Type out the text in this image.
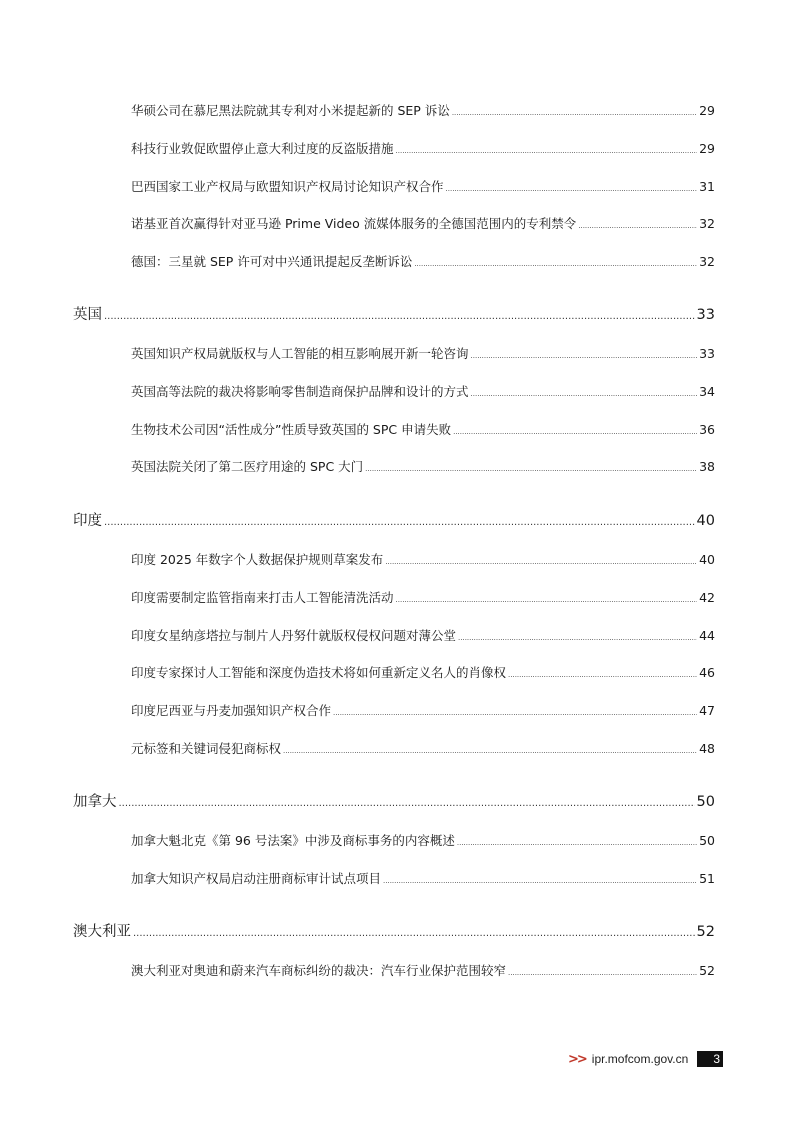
华硕公司在慕尼黑法院就其专利对小米提起新的 SEP 诉讼 .....	29
科技行业敦促欧盟停止意大利过度的反盗版措施 .....	29
巴西国家工业产权局与欧盟知识产权局讨论知识产权合作 .....	31
诺基亚首次赢得针对亚马逊 Prime Video 流媒体服务的全德国范围内的专利禁令 .....	32
德国：三星就 SEP 许可对中兴通讯提起反垄断诉讼 .....	32
英国 .....	33
英国知识产权局就版权与人工智能的相互影响展开新一轮咨询 .....	33
英国高等法院的裁决将影响零售制造商保护品牌和设计的方式 .....	34
生物技术公司因“活性成分”性质导致英国的 SPC 申请失败 .....	36
英国法院关闭了第二医疗用途的 SPC 大门 .....	38
印度 .....	40
印度 2025 年数字个人数据保护规则草案发布 .....	40
印度需要制定监管指南来打击人工智能清洗活动 .....	42
印度女星纳彦塔拉与制片人丹努什就版权侵权问题对薄公堂 .....	44
印度专家探讨人工智能和深度伪造技术将如何重新定义名人的肖像权 .....	46
印度尼西亚与丹麦加强知识产权合作 .....	47
元标签和关键词侵犯商标权 .....	48
加拿大 .....	50
加拿大魁北克《第 96 号法案》中涉及商标事务的内容概述 .....	50
加拿大知识产权局启动注册商标审计试点项目 .....	51
澳大利亚 .....	52
澳大利亚对奥迪和蔚来汽车商标纠纷的裁决：汽车行业保护范围较窄 .....	52
>> ipr.mofcom.gov.cn	3
